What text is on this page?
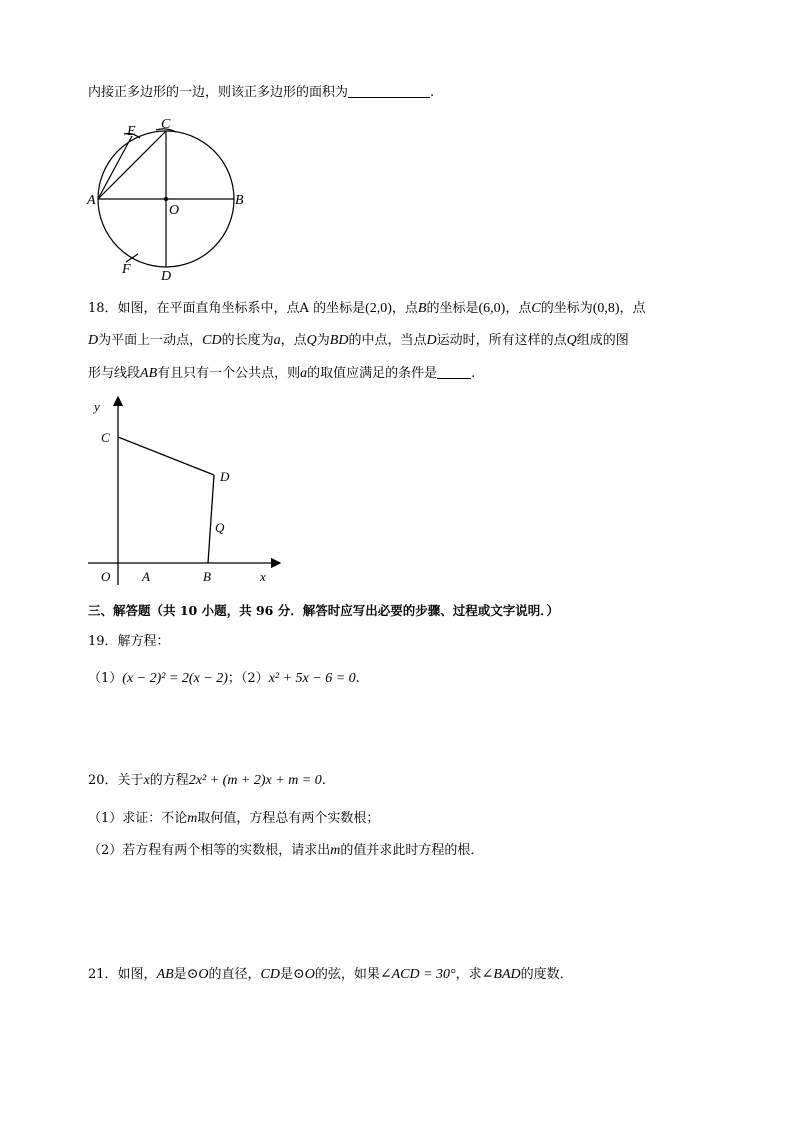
内接正多边形的一边，则该正多边形的面积为	.
E C
A
O
B
F D
18．如图，在平面直角坐标系中，点A 的坐标是(2,0)，点B的坐标是(6,0)，点C的坐标为(0,8)，点
D为平面上一动点，CD的长度为a，点Q为BD的中点，当点D运动时，所有这样的点Q组成的图
形与线段AB有且只有一个公共点，则a的取值应满足的条件是	.
y
C
D
Q
O A	B	x
三、解答题（共 10 小题，共 96 分．解答时应写出必要的步骤、过程或文字说明．）
19．解方程：
（1）(x − 2)² = 2(x − 2)；（2）x² + 5x − 6 = 0.
20．关于x的方程2x² + (m + 2)x + m = 0.
（1）求证：不论m取何值，方程总有两个实数根；
（2）若方程有两个相等的实数根，请求出m的值并求此时方程的根．
21．如图，AB是⊙O的直径，CD是⊙O的弦，如果∠ACD = 30°，求∠BAD的度数．
